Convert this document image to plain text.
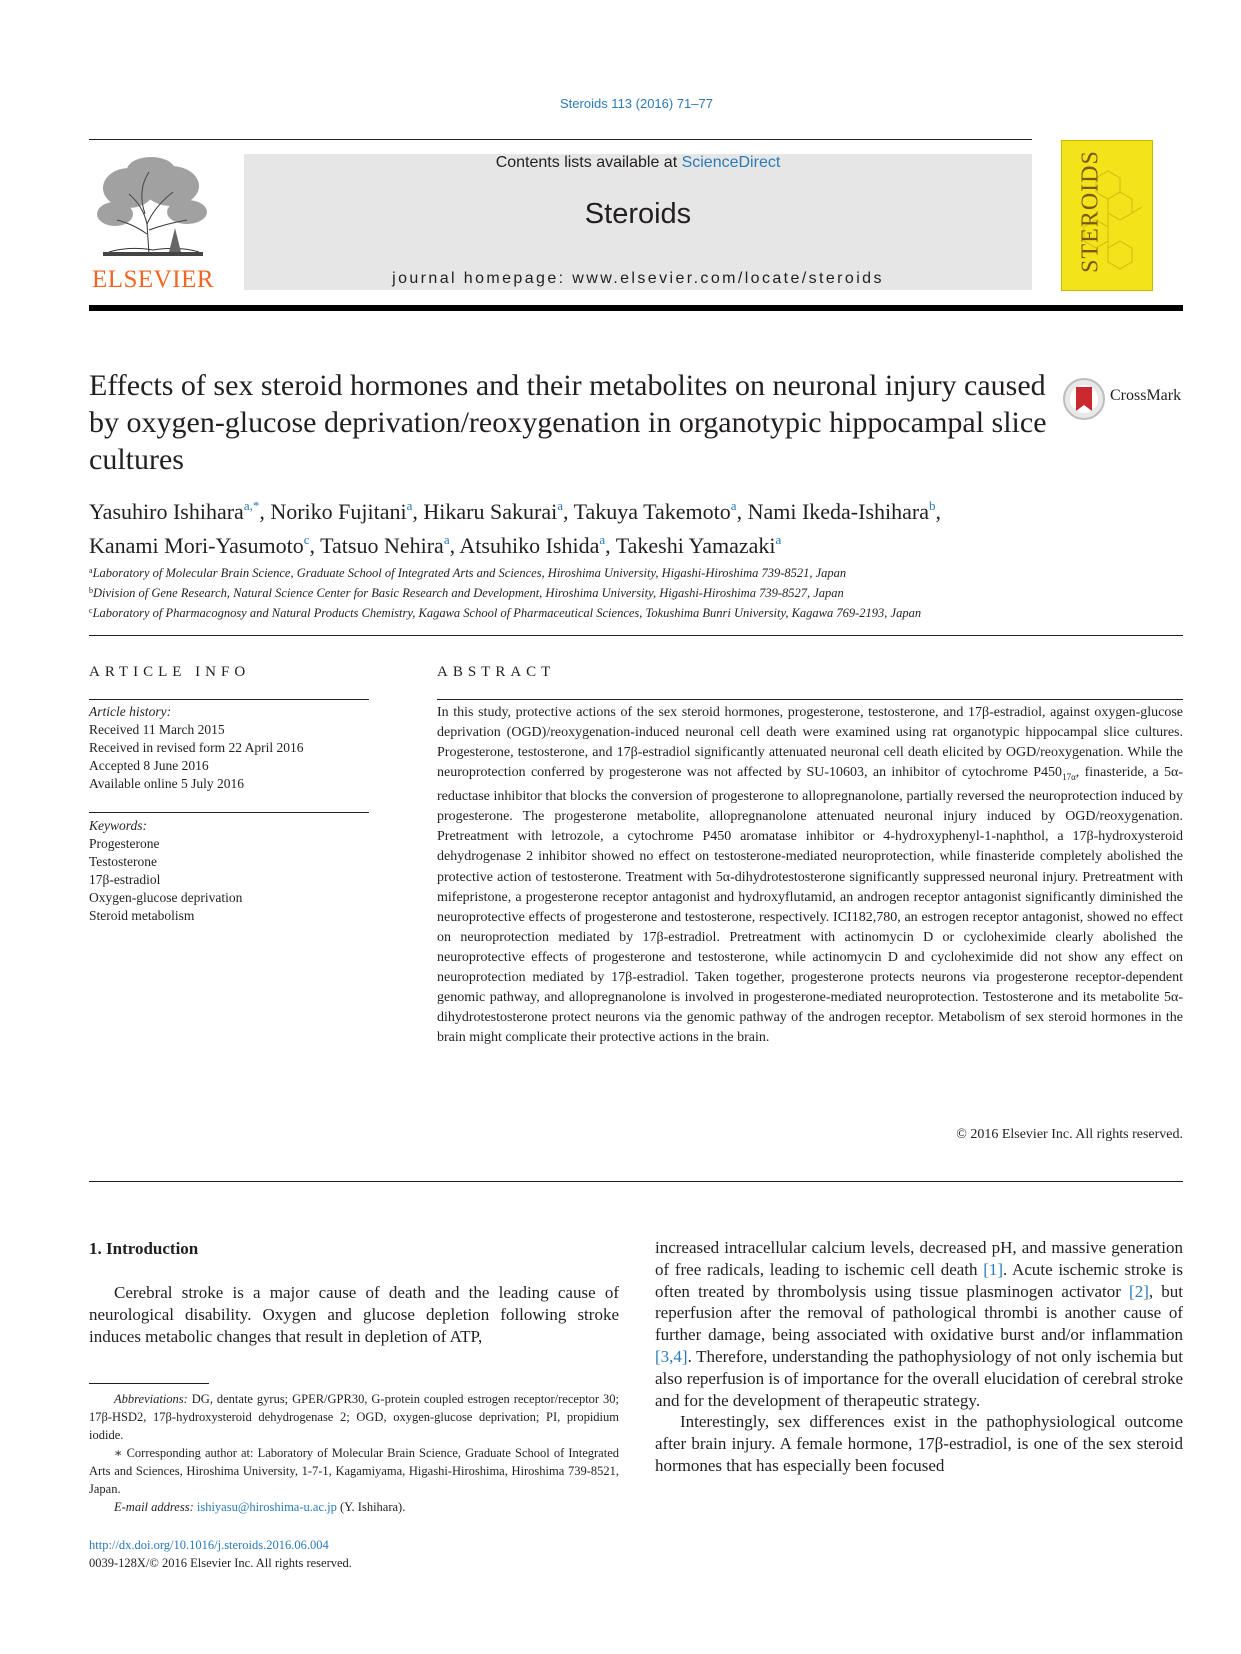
Steroids 113 (2016) 71–77
ELSEVIER
Contents lists available at ScienceDirect
Steroids
journal homepage: www.elsevier.com/locate/steroids
STEROIDS
Effects of sex steroid hormones and their metabolites on neuronal injury caused by oxygen-glucose deprivation/reoxygenation in organotypic hippocampal slice cultures
CrossMark
Yasuhiro Ishihara$^{a,*}$, Noriko Fujitani$^a$, Hikaru Sakurai$^a$, Takuya Takemoto$^a$, Nami Ikeda-Ishihara$^b$,
Kanami Mori-Yasumoto$^c$, Tatsuo Nehira$^a$, Atsuhiko Ishida$^a$, Takeshi Yamazaki$^a$
$^a$Laboratory of Molecular Brain Science, Graduate School of Integrated Arts and Sciences, Hiroshima University, Higashi-Hiroshima 739-8521, Japan
$^b$Division of Gene Research, Natural Science Center for Basic Research and Development, Hiroshima University, Higashi-Hiroshima 739-8527, Japan
$^c$Laboratory of Pharmacognosy and Natural Products Chemistry, Kagawa School of Pharmaceutical Sciences, Tokushima Bunri University, Kagawa 769-2193, Japan
ARTICLE INFO
Article history:
Received 11 March 2015
Received in revised form 22 April 2016
Accepted 8 June 2016
Available online 5 July 2016
Keywords:
Progesterone
Testosterone
17β-estradiol
Oxygen-glucose deprivation
Steroid metabolism
ABSTRACT
In this study, protective actions of the sex steroid hormones, progesterone, testosterone, and 17β-estradiol, against oxygen-glucose deprivation (OGD)/reoxygenation-induced neuronal cell death were examined using rat organotypic hippocampal slice cultures. Progesterone, testosterone, and 17β-estradiol significantly attenuated neuronal cell death elicited by OGD/reoxygenation. While the neuroprotection conferred by progesterone was not affected by SU-10603, an inhibitor of cytochrome $P450_{17\alpha}$, finasteride, a 5α-reductase inhibitor that blocks the conversion of progesterone to allopregnanolone, partially reversed the neuroprotection induced by progesterone. The progesterone metabolite, allopregnanolone attenuated neuronal injury induced by OGD/reoxygenation. Pretreatment with letrozole, a cytochrome P450 aromatase inhibitor or 4-hydroxyphenyl-1-naphthol, a 17β-hydroxysteroid dehydrogenase 2 inhibitor showed no effect on testosterone-mediated neuroprotection, while finasteride completely abolished the protective action of testosterone. Treatment with 5α-dihydrotestosterone significantly suppressed neuronal injury. Pretreatment with mifepristone, a progesterone receptor antagonist and hydroxyflutamid, an androgen receptor antagonist significantly diminished the neuroprotective effects of progesterone and testosterone, respectively. ICI182,780, an estrogen receptor antagonist, showed no effect on neuroprotection mediated by 17β-estradiol. Pretreatment with actinomycin D or cycloheximide clearly abolished the neuroprotective effects of progesterone and testosterone, while actinomycin D and cycloheximide did not show any effect on neuroprotection mediated by 17β-estradiol. Taken together, progesterone protects neurons via progesterone receptor-dependent genomic pathway, and allopregnanolone is involved in progesterone-mediated neuroprotection. Testosterone and its metabolite 5α-dihydrotestosterone protect neurons via the genomic pathway of the androgen receptor. Metabolism of sex steroid hormones in the brain might complicate their protective actions in the brain.
© 2016 Elsevier Inc. All rights reserved.
1. Introduction

Cerebral stroke is a major cause of death and the leading cause of neurological disability. Oxygen and glucose depletion following stroke induces metabolic changes that result in depletion of ATP,

Abbreviations: DG, dentate gyrus; GPER/GPR30, G-protein coupled estrogen receptor/receptor 30; 17β-HSD2, 17β-hydroxysteroid dehydrogenase 2; OGD, oxygen-glucose deprivation; PI, propidium iodide.

∗ Corresponding author at: Laboratory of Molecular Brain Science, Graduate School of Integrated Arts and Sciences, Hiroshima University, 1-7-1, Kagamiyama, Higashi-Hiroshima, Hiroshima 739-8521, Japan.

E-mail address: ishiyasu@hiroshima-u.ac.jp (Y. Ishihara).

http://dx.doi.org/10.1016/j.steroids.2016.06.004
0039-128X/© 2016 Elsevier Inc. All rights reserved.

increased intracellular calcium levels, decreased pH, and massive generation of free radicals, leading to ischemic cell death [1]. Acute ischemic stroke is often treated by thrombolysis using tissue plasminogen activator [2], but reperfusion after the removal of pathological thrombi is another cause of further damage, being associated with oxidative burst and/or inflammation [3,4]. Therefore, understanding the pathophysiology of not only ischemia but also reperfusion is of importance for the overall elucidation of cerebral stroke and for the development of therapeutic strategy.

Interestingly, sex differences exist in the pathophysiological outcome after brain injury. A female hormone, 17β-estradiol, is one of the sex steroid hormones that has especially been focused
